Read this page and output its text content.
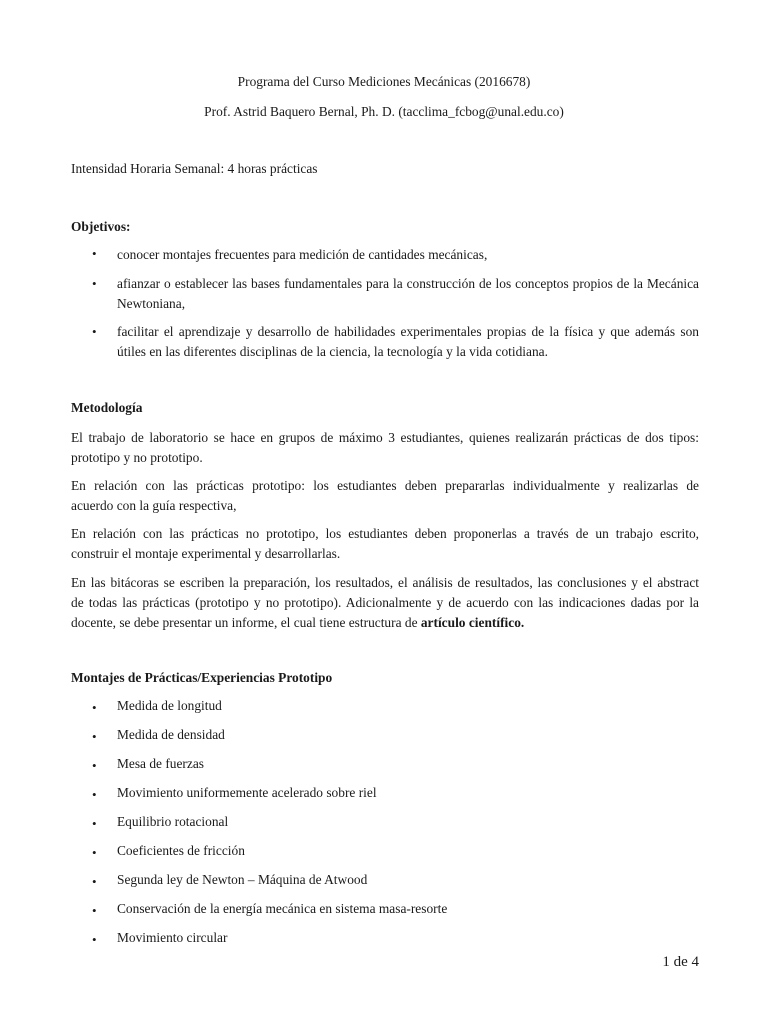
Programa del Curso Mediciones Mecánicas (2016678)
Prof. Astrid Baquero Bernal, Ph. D. (tacclima_fcbog@unal.edu.co)
Intensidad Horaria Semanal: 4 horas prácticas
Objetivos:
• conocer montajes frecuentes para medición de cantidades mecánicas,
• afianzar o establecer las bases fundamentales para la construcción de los conceptos propios de la Mecánica Newtoniana,
• facilitar el aprendizaje y desarrollo de habilidades experimentales propias de la física y que además son útiles en las diferentes disciplinas de la ciencia, la tecnología y la vida cotidiana.
Metodología
El trabajo de laboratorio se hace en grupos de máximo 3 estudiantes, quienes realizarán prácticas de dos tipos:
prototipo y no prototipo.
En relación con las prácticas prototipo: los estudiantes deben prepararlas individualmente y realizarlas de
acuerdo con la guía respectiva,
En relación con las prácticas no prototipo, los estudiantes deben proponerlas a través de un trabajo escrito,
construir el montaje experimental y desarrollarlas.
En las bitácoras se escriben la preparación, los resultados, el análisis de resultados, las conclusiones y el abstract
de todas las prácticas (prototipo y no prototipo). Adicionalmente y de acuerdo con las indicaciones dadas por la
docente, se debe presentar un informe, el cual tiene estructura de artículo científico.
Montajes de Prácticas/Experiencias Prototipo
• Medida de longitud
• Medida de densidad
• Mesa de fuerzas
• Movimiento uniformemente acelerado sobre riel
• Equilibrio rotacional
• Coeficientes de fricción
• Segunda ley de Newton – Máquina de Atwood
• Conservación de la energía mecánica en sistema masa-resorte
• Movimiento circular
1 de 4
